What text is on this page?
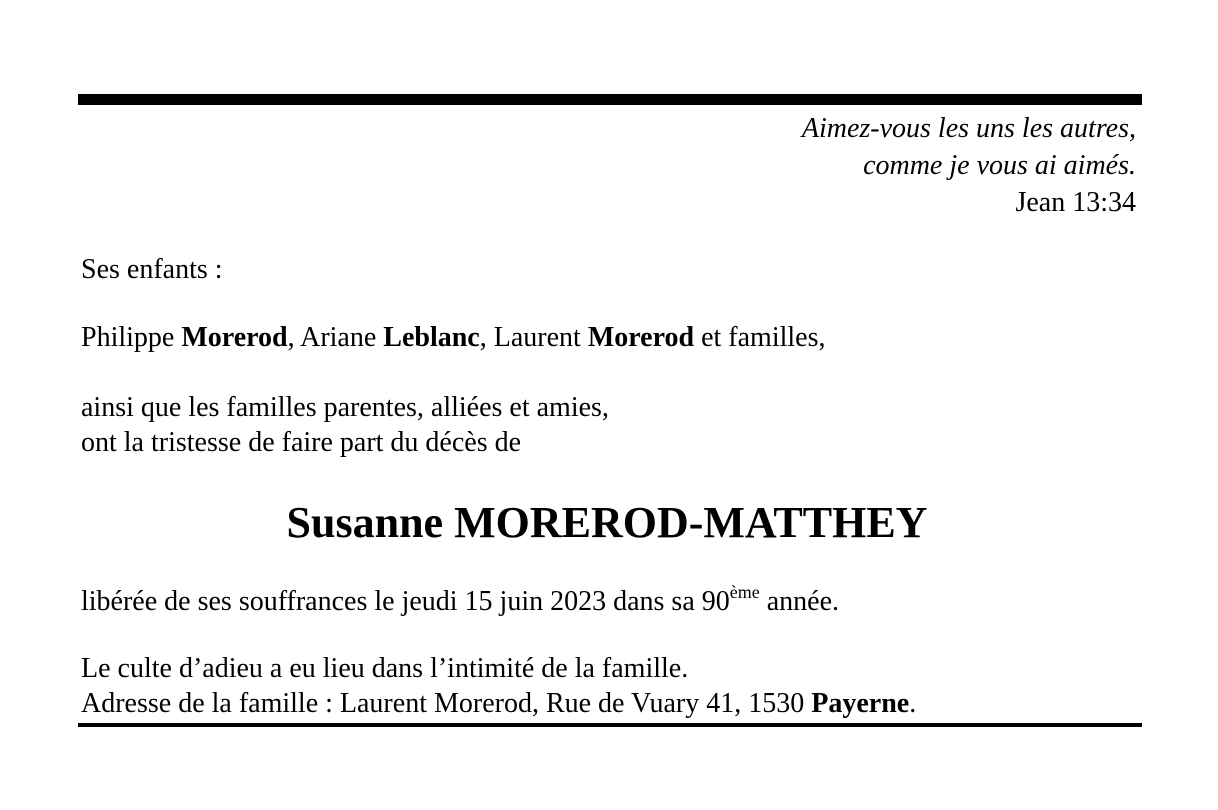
Aimez-vous les uns les autres,
comme je vous ai aimés.
Jean 13:34
Ses enfants :
Philippe Morerod, Ariane Leblanc, Laurent Morerod et familles,
ainsi que les familles parentes, alliées et amies,
ont la tristesse de faire part du décès de
Susanne MOREROD-MATTHEY
libérée de ses souffrances le jeudi 15 juin 2023 dans sa 90ème année.
Le culte d’adieu a eu lieu dans l’intimité de la famille.
Adresse de la famille : Laurent Morerod, Rue de Vuary 41, 1530 Payerne.
